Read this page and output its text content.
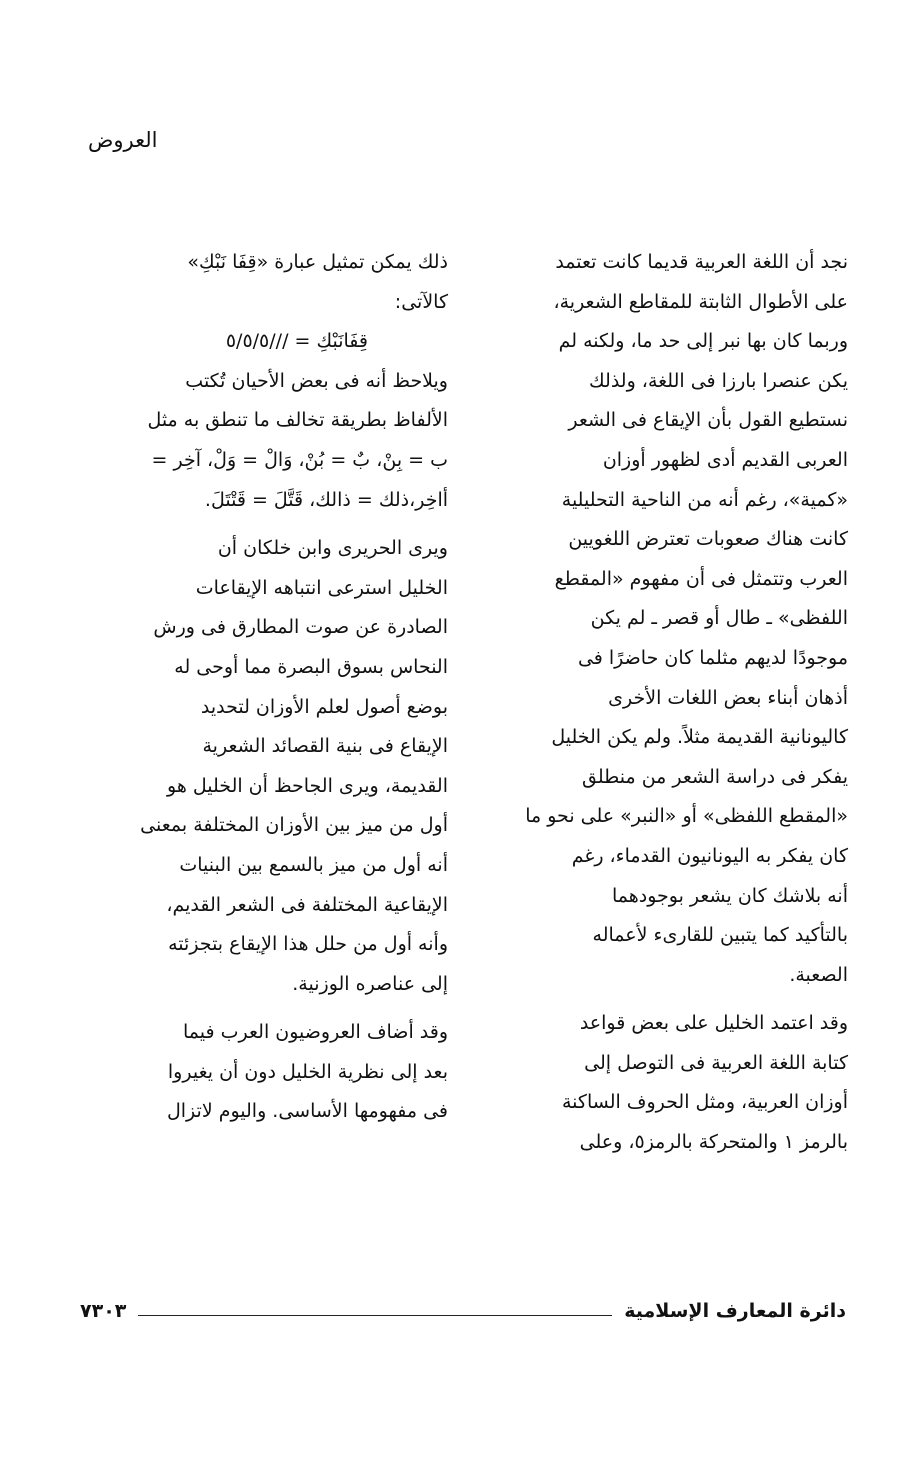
العروض

نجد أن اللغة العربية قديما كانت تعتمد
على الأطوال الثابتة للمقاطع الشعرية،
وربما كان بها نبر إلى حد ما، ولكنه لم
يكن عنصرا بارزا فى اللغة، ولذلك
نستطيع القول بأن الإيقاع فى الشعر
العربى القديم أدى لظهور أوزان
«كمية»، رغم أنه من الناحية التحليلية
كانت هناك صعوبات تعترض اللغويين
العرب وتتمثل فى أن مفهوم «المقطع
اللفظى» ـ طال أو قصر ـ لم يكن
موجودًا لديهم مثلما كان حاضرًا فى
أذهان أبناء بعض اللغات الأخرى
كاليونانية القديمة مثلاً. ولم يكن الخليل
يفكر فى دراسة الشعر من منطلق
«المقطع اللفظى» أو «النبر» على نحو ما
كان يفكر به اليونانيون القدماء، رغم
أنه بلاشك كان يشعر بوجودهما
بالتأكيد كما يتبين للقارىء لأعماله
الصعبة.

وقد اعتمد الخليل على بعض قواعد
كتابة اللغة العربية فى التوصل إلى
أوزان العربية، ومثل الحروف الساكنة
بالرمز ١ والمتحركة بالرمز٥، وعلى

ذلك يمكن تمثيل عبارة «قِفَا نَبْكِ»
كالآتى:

قِفَانَبْكِ = ///٥/٥/٥

ويلاحظ أنه فى بعض الأحيان تُكتب
الألفاظ بطريقة تخالف ما تنطق به مثل
ب = بِنْ، بٌ = بُنْ، وَالْ = وَلْ، آخِر =
أاخِر،ذلك = ذالك، قَتَّلَ = قَتْتَلَ.

ويرى الحريرى وابن خلكان أن
الخليل استرعى انتباهه الإيقاعات
الصادرة عن صوت المطارق فى ورش
النحاس بسوق البصرة مما أوحى له
بوضع أصول لعلم الأوزان لتحديد
الإيقاع فى بنية القصائد الشعرية
القديمة، ويرى الجاحظ أن الخليل هو
أول من ميز بين الأوزان المختلفة بمعنى
أنه أول من ميز بالسمع بين البنيات
الإيقاعية المختلفة فى الشعر القديم،
وأنه أول من حلل هذا الإيقاع بتجزئته
إلى عناصره الوزنية.

وقد أضاف العروضيون العرب فيما
بعد إلى نظرية الخليل دون أن يغيروا
فى مفهومها الأساسى. واليوم لاتزال

دائرة المعارف الإسلامية
٧٣٠٣
